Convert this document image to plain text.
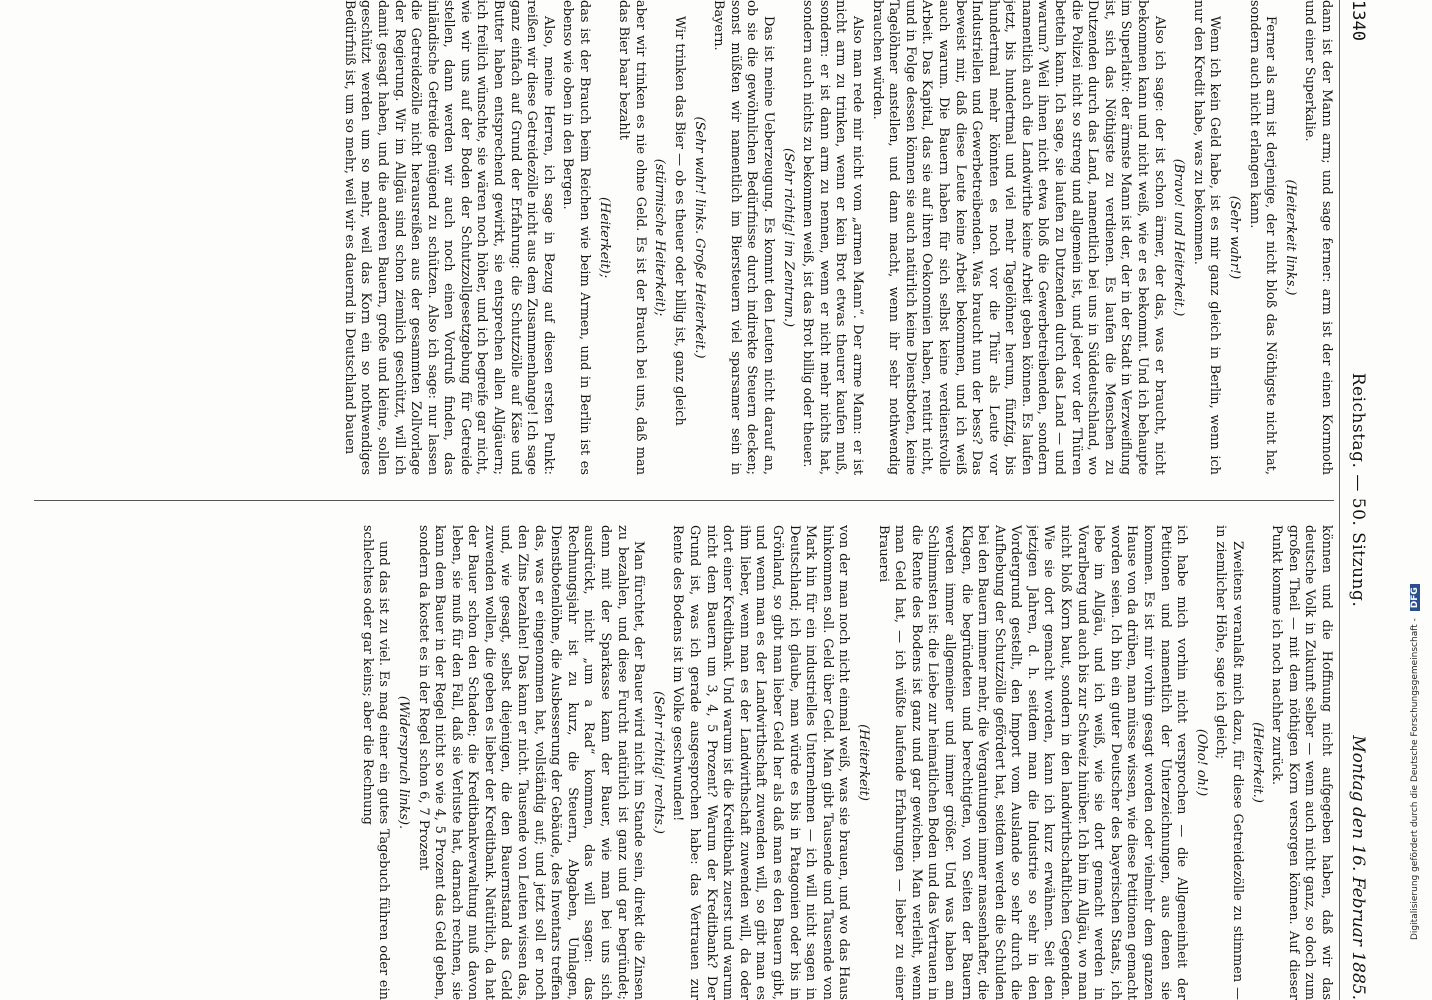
1340
Reichstag. — 50. Sitzung.
Montag den 16. Februar 1885.

dann ist der Mann arm; und sage ferner: arm ist der einen Kornnoth und einer Superkalie.

(Heiterkeit links.)

Ferner als arm ist derjenige, der nicht bloß das Nöthigste nicht hat, sondern auch nicht erlangen kann.

(Sehr wahr!)

Wenn ich kein Geld habe, ist es mir ganz gleich in Berlin, wenn ich nur den Kredit habe, was zu bekommen.

(Bravo! und Heiterkeit.)

Also ich sage: der ist schon ärmer, der das, was er braucht, nicht bekommen kann und nicht weiß, wie er es bekommt. Und ich behaupte im Superlativ: der ärmste Mann ist der, der in der Stadt in Verzweiflung ist, sich das Nöthigste zu verdienen. Es laufen die Menschen zu Dutzenden durch das Land, namentlich bei uns in Süddeutschland, wo die Polizei nicht so streng und allgemein ist, und jeder vor der Thüren betteln kann. Ich sage, sie laufen zu Dutzenden durch das Land — und warum? Weil ihnen nicht etwa bloß die Gewerbetreibenden, sondern namentlich auch die Landwirthe keine Arbeit geben können. Es laufen jetzt, bis hundertmal und viel mehr Tagelöhner herum, fünfzig, bis hundertmal mehr könnten es noch vor die Thür als Leute vor Industriellen und Gewerbetreibenden. Was braucht nun der bess? Das beweist mir, daß diese Leute keine Arbeit bekommen, und ich weiß auch warum. Die Bauern haben für sich selbst keine verdienstvolle Arbeit. Das Kapital, das sie auf ihren Oekonomien haben, rentirt nicht, und in Folge dessen können sie auch natürlich keine Dienstboten, keine Tagelöhner anstellen, und dann macht, wenn ihr sehr nothwendig brauchen würden.

Also man rede mir nicht vom „armen Mann“. Der arme Mann: er ist nicht arm zu trinken, wenn er kein Brot etwas theurer kaufen muß, sondern: er ist dann arm zu nennen, wenn er nicht mehr nichts hat, sondern auch nichts zu bekommen weiß, ist das Brot billig oder theuer.

(Sehr richtig! im Zentrum.)

Das ist meine Ueberzeugung. Es kommt den Leuten nicht darauf an, ob sie die gewöhnlichen Bedürfnisse durch indirekte Steuern decken; sonst müßten wir namentlich im Biersteuern viel sparsamer sein in Bayern.

(Sehr wahr! links. Große Heiterkeit.)

Wir trinken das Bier — ob es theuer oder billig ist, ganz gleich

(stürmische Heiterkeit);

aber wir trinken es nie ohne Geld. Es ist der Brauch bei uns, daß man das Bier baar bezahlt

(Heiterkeit);

das ist der Brauch beim Reichen wie beim Armen, und in Berlin ist es ebenso wie oben in den Bergen.

Also, meine Herren, ich sage in Bezug auf diesen ersten Punkt: reißen wir diese Getreidezölle nicht aus dem Zusammenhange! Ich sage ganz einfach auf Grund der Erfahrung: die Schutzzölle auf Käse und Butter haben entsprechend gewirkt, sie entsprechen allen Allgäuern; ich freilich wünschte, sie wären noch höher, und ich begreife gar nicht, wie wir uns auf der Boden der Schutzzollgesetzgebung für Getreide stellen, dann werden wir auch noch einen Vordruß finden, das inländische Getreide genügend zu schützen. Also ich sage: nur lassen die Getreidezölle nicht herausreißen aus der gesammten Zollvorlage der Regierung. Wir im Allgäu sind schon ziemlich geschützt, will ich damit gesagt haben, und die anderen Bauern, große und kleine, sollen geschützt werden um so mehr, weil das Korn ein so nothwendiges Bedürfniß ist, um so mehr, weil wir es dauernd in Deutschland bauen

können und die Hoffnung nicht aufgegeben haben, daß wir das deutsche Volk in Zukunft selber — wenn auch nicht ganz, so doch zum großen Theil — mit dem nöthigen Korn versorgen können. Auf dieser Punkt komme ich noch nachher zurück.

(Heiterkeit.)

Zweitens veranlaßt mich dazu, für diese Getreidezölle zu stimmen — in ziemlicher Höhe, sage ich gleich;

(Oho! oh!)

ich habe mich vorhin nicht versprochen — die Allgemeinheit der Petitionen und namentlich der Unterzeichnungen, aus denen sie kommen. Es ist mir vorhin gesagt worden oder vielmehr dem ganzen Hause von da drüben, man müsse wissen, wie diese Petitionen gemacht worden seien. Ich bin ein guter Deutscher des bayerischen Staats, ich lebe im Allgäu, und ich weiß, wie sie dort gemacht werden in Vorarlberg und auch bis zur Schweiz hinüber. Ich bin im Allgäu, wo man nicht bloß Korn baut, sondern in den landwirthschaftlichen Gegenden. Wie sie dort gemacht worden, kann ich kurz erwähnen. Seit den jetzigen Jahren, d. h. seitdem man die Industrie so sehr in den Vordergrund gestellt, den Import vom Auslande so sehr durch die Aufhebung der Schutzzölle gefördert hat, seitdem werden die Schulden bei den Bauern immer mehr, die Vergantungen immer massenhafter, die Klagen, die begründeten und berechtigten, von Seiten der Bauern werden immer allgemeiner und immer größer. Und was haben am Schlimmsten ist: die Liebe zur heimatlichen Boden und das Vertrauen in die Rente des Bodens ist ganz und gar gewichen. Man verleiht, wenn man Geld hat, — ich wüßte laufende Erfahrungen — lieber zu einer Brauerei

(Heiterkeit)

von der man noch nicht einmal weiß, was sie brauen, und wo das Haus hinkommen soll. Geld über Geld. Man gibt Tausende und Tausende von Mark hin für ein industrielles Unternehmen — ich will nicht sagen in Deutschland; ich glaube, man würde es bis in Patagonien oder bis in Grönland, so gibt man lieber Geld her als daß man es den Bauern gibt, und wenn man es der Landwirthschaft zuwenden will, so gibt man es ihm lieber, wenn man es der Landwirthschaft zuwenden will, da oder dort einer Kreditbank. Und warum ist die Kreditbank zuerst und warum nicht dem Bauern um 3, 4, 5 Prozent? Warum der Kreditbank? Der Grund ist, was ich gerade ausgesprochen habe: das Vertrauen zur Rente des Bodens ist im Volke geschwunden!

(Sehr richtig! rechts.)

Man fürchtet, der Bauer wird nicht im Stande sein, direkt die Zinsen zu bezahlen, und diese Furcht natürlich ist ganz und gar begründet; denn mit der Sparkasse kann der Bauer, wie man bei uns sich ausdrückt, nicht „um a Rad“ kommen, das will sagen: das Rechnungsjahr ist zu kurz, die Steuern, Abgaben, Umlagen, Dienstbotenlöhne, die Ausbesserung der Gebäude, des Inventars treffen das, was er eingenommen hat, vollständig auf; und jetzt soll er noch den Zins bezahlen! Das kann er nicht. Tausende von Leuten wissen das, und, wie gesagt, selbst diejenigen, die den Bauernstand das Geld zuwenden wollen, die geben es lieber der Kreditbank. Natürlich, da hat der Bauer schon den Schaden; die Kreditbankverwaltung muß davon leben, sie muß für den Fall, daß sie Verluste hat, darnach rechnen, sie kann dem Bauer in der Regel nicht so wie 4, 5 Prozent das Geld geben, sondern da kostet es in der Regel schon 6, 7 Prozent

(Widerspruch links).

und das ist zu viel. Es mag einer ein gutes Tagebuch führen oder ein schlechtes oder gar keins; aber die Rechnung	Digitalisierung gefördert durch die Deutsche Forschungsgemeinschaft - DFG
